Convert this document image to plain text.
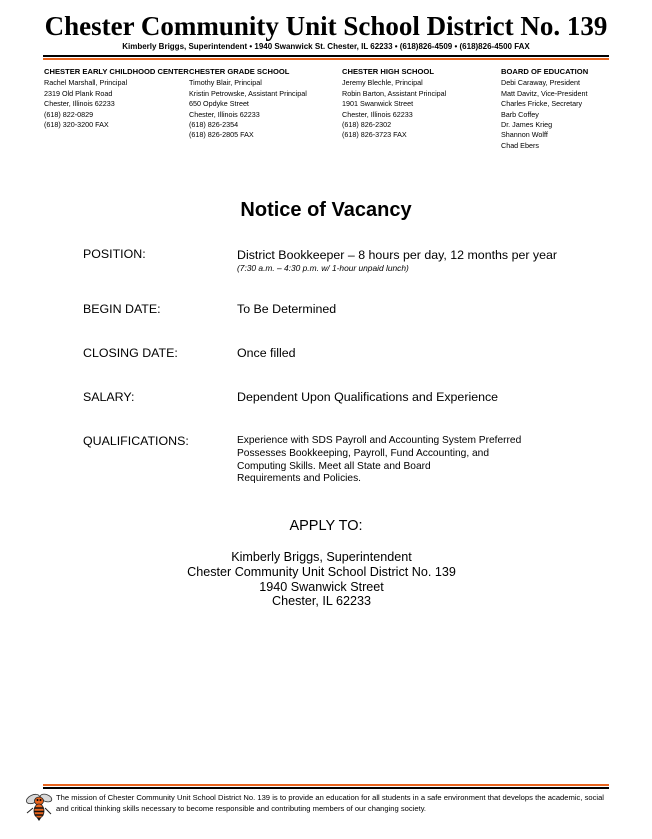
Chester Community Unit School District No. 139
Kimberly Briggs, Superintendent • 1940 Swanwick St. Chester, IL 62233 • (618)826-4509 • (618)826-4500 FAX
CHESTER EARLY CHILDHOOD CENTER
Rachel Marshall, Principal
2319 Old Plank Road
Chester, Illinois 62233
(618) 822-0829
(618) 320-3200 FAX
CHESTER GRADE SCHOOL
Timothy Blair, Principal
Kristin Petrowske, Assistant Principal
650 Opdyke Street
Chester, Illinois 62233
(618) 826-2354
(618) 826-2805 FAX
CHESTER HIGH SCHOOL
Jeremy Blechle, Principal
Robin Barton, Assistant Principal
1901 Swanwick Street
Chester, Illinois 62233
(618) 826-2302
(618) 826-3723 FAX
BOARD OF EDUCATION
Debi Caraway, President
Matt Davitz, Vice-President
Charles Fricke, Secretary
Barb Coffey
Dr. James Krieg
Shannon Wolff
Chad Ebers
Notice of Vacancy
POSITION:	District Bookkeeper – 8 hours per day, 12 months per year
(7:30 a.m. – 4:30 p.m. w/ 1-hour unpaid lunch)
BEGIN DATE:	To Be Determined
CLOSING DATE:	Once filled
SALARY:	Dependent Upon Qualifications and Experience
QUALIFICATIONS:	Experience with SDS Payroll and Accounting System Preferred
Possesses Bookkeeping, Payroll, Fund Accounting, and
Computing Skills. Meet all State and Board
Requirements and Policies.
APPLY TO:
Kimberly Briggs, Superintendent
Chester Community Unit School District No. 139
1940 Swanwick Street
Chester, IL 62233
The mission of Chester Community Unit School District No. 139 is to provide an education for all students in a safe environment that develops the academic, social and critical thinking skills necessary to become responsible and contributing members of our changing society.
